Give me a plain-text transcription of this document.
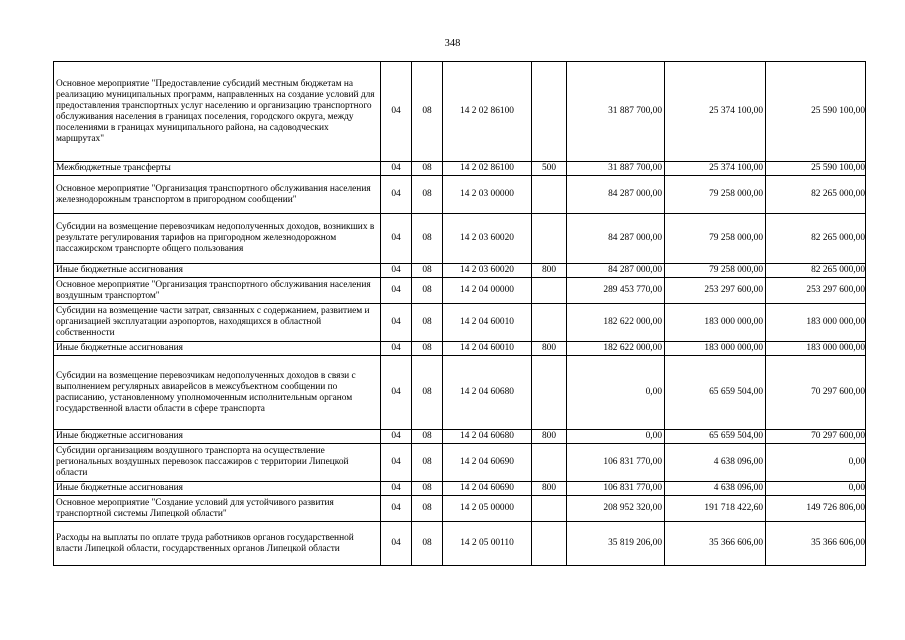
348
Основное мероприятие "Предоставление субсидий местным бюджетам на реализацию муниципальных программ, направленных на создание условий для предоставления транспортных услуг населению и организацию транспортного обслуживания населения в границах поселения, городского округа, между поселениями в границах муниципального района, на садоводческих маршрутах"	04	08	14 2 02 86100		31 887 700,00	25 374 100,00	25 590 100,00
Межбюджетные трансферты	04	08	14 2 02 86100	500	31 887 700,00	25 374 100,00	25 590 100,00
Основное мероприятие "Организация транспортного обслуживания населения железнодорожным транспортом в пригородном сообщении"	04	08	14 2 03 00000		84 287 000,00	79 258 000,00	82 265 000,00
Субсидии на возмещение перевозчикам недополученных доходов, возникших в результате регулирования тарифов на пригородном железнодорожном пассажирском транспорте общего пользования	04	08	14 2 03 60020		84 287 000,00	79 258 000,00	82 265 000,00
Иные бюджетные ассигнования	04	08	14 2 03 60020	800	84 287 000,00	79 258 000,00	82 265 000,00
Основное мероприятие "Организация транспортного обслуживания населения воздушным транспортом"	04	08	14 2 04 00000		289 453 770,00	253 297 600,00	253 297 600,00
Субсидии на возмещение части затрат, связанных с содержанием, развитием и организацией эксплуатации аэропортов, находящихся в областной собственности	04	08	14 2 04 60010		182 622 000,00	183 000 000,00	183 000 000,00
Иные бюджетные ассигнования	04	08	14 2 04 60010	800	182 622 000,00	183 000 000,00	183 000 000,00
Субсидии на возмещение перевозчикам недополученных доходов в связи с выполнением регулярных авиарейсов в межсубъектном сообщении по расписанию, установленному уполномоченным исполнительным органом государственной власти области в сфере транспорта	04	08	14 2 04 60680		0,00	65 659 504,00	70 297 600,00
Иные бюджетные ассигнования	04	08	14 2 04 60680	800	0,00	65 659 504,00	70 297 600,00
Субсидии организациям воздушного транспорта на осуществление региональных воздушных перевозок пассажиров с территории Липецкой области	04	08	14 2 04 60690		106 831 770,00	4 638 096,00	0,00
Иные бюджетные ассигнования	04	08	14 2 04 60690	800	106 831 770,00	4 638 096,00	0,00
Основное мероприятие "Создание условий для устойчивого развития транспортной системы Липецкой области"	04	08	14 2 05 00000		208 952 320,00	191 718 422,60	149 726 806,00
Расходы на выплаты по оплате труда работников органов государственной власти Липецкой области, государственных органов Липецкой области	04	08	14 2 05 00110		35 819 206,00	35 366 606,00	35 366 606,00
